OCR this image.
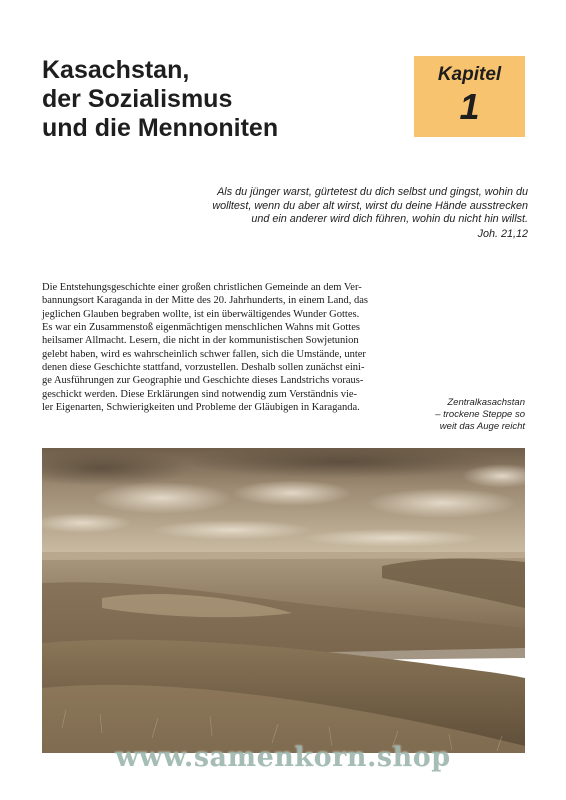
Kasachstan,
der Sozialismus
und die Mennoniten
Kapitel
1
Als du jünger warst, gürtetest du dich selbst und gingst, wohin du
wolltest, wenn du aber alt wirst, wirst du deine Hände ausstrecken
und ein anderer wird dich führen, wohin du nicht hin willst.
Joh. 21,12
Die Entstehungsgeschichte einer großen christlichen Gemeinde an dem Ver-
bannungsort Karaganda in der Mitte des 20. Jahrhunderts, in einem Land, das
jeglichen Glauben begraben wollte, ist ein überwältigendes Wunder Gottes.
Es war ein Zusammenstoß eigenmächtigen menschlichen Wahns mit Gottes
heilsamer Allmacht. Lesern, die nicht in der kommunistischen Sowjetunion
gelebt haben, wird es wahrscheinlich schwer fallen, sich die Umstände, unter
denen diese Geschichte stattfand, vorzustellen. Deshalb sollen zunächst eini-
ge Ausführungen zur Geographie und Geschichte dieses Landstrichs voraus-
geschickt werden. Diese Erklärungen sind notwendig zum Verständnis vie-
ler Eigenarten, Schwierigkeiten und Probleme der Gläubigen in Karaganda.	Zentralkasachstan
– trockene Steppe so
weit das Auge reicht
www.samenkorn.shop
